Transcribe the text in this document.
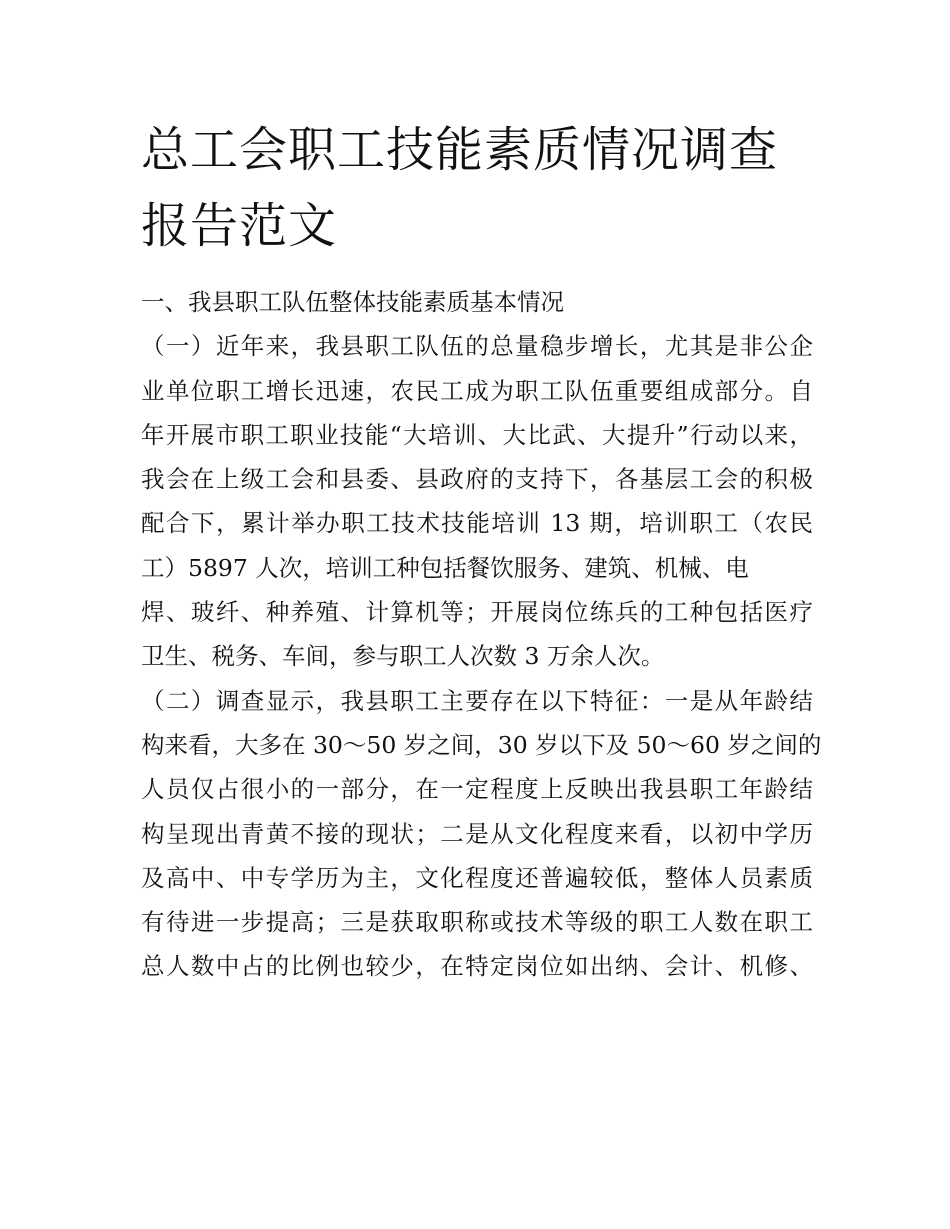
总工会职工技能素质情况调查
报告范文
一、我县职工队伍整体技能素质基本情况
（一）近年来，我县职工队伍的总量稳步增长，尤其是非公企
业单位职工增长迅速，农民工成为职工队伍重要组成部分。自
年开展市职工职业技能“大培训、大比武、大提升”行动以来，
我会在上级工会和县委、县政府的支持下，各基层工会的积极
配合下，累计举办职工技术技能培训 13 期，培训职工（农民
工）5897 人次，培训工种包括餐饮服务、建筑、机械、电
焊、玻纤、种养殖、计算机等；开展岗位练兵的工种包括医疗
卫生、税务、车间，参与职工人次数 3 万余人次。
（二）调查显示，我县职工主要存在以下特征：一是从年龄结
构来看，大多在 30～50 岁之间，30 岁以下及 50～60 岁之间的
人员仅占很小的一部分，在一定程度上反映出我县职工年龄结
构呈现出青黄不接的现状；二是从文化程度来看，以初中学历
及高中、中专学历为主，文化程度还普遍较低，整体人员素质
有待进一步提高；三是获取职称或技术等级的职工人数在职工
总人数中占的比例也较少，在特定岗位如出纳、会计、机修、
